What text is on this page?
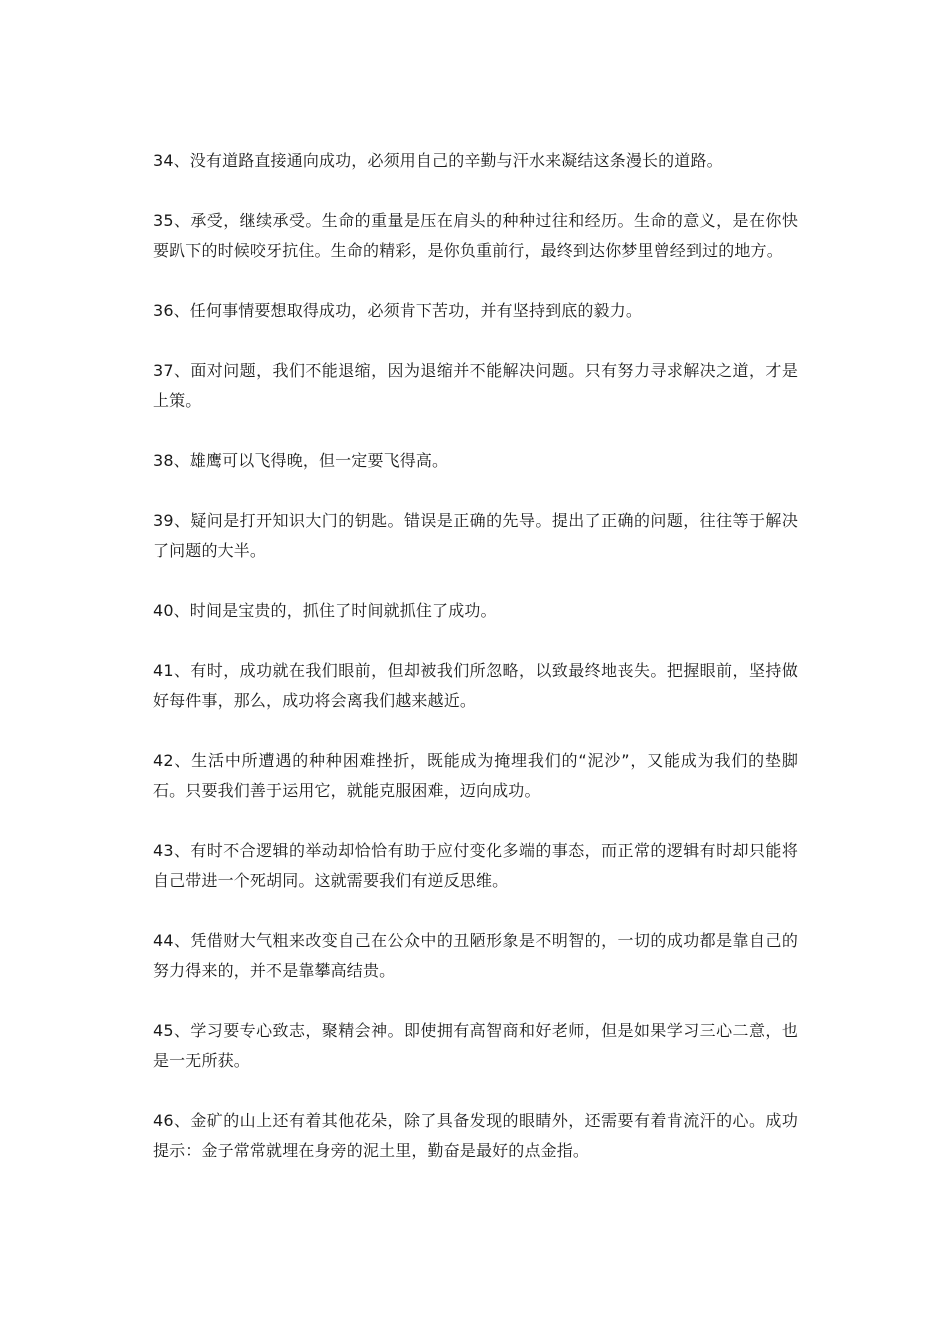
34、没有道路直接通向成功，必须用自己的辛勤与汗水来凝结这条漫长的道路。

35、承受，继续承受。生命的重量是压在肩头的种种过往和经历。生命的意义，是在你快要趴下的时候咬牙抗住。生命的精彩，是你负重前行，最终到达你梦里曾经到过的地方。

36、任何事情要想取得成功，必须肯下苦功，并有坚持到底的毅力。

37、面对问题，我们不能退缩，因为退缩并不能解决问题。只有努力寻求解决之道，才是上策。

38、雄鹰可以飞得晚，但一定要飞得高。

39、疑问是打开知识大门的钥匙。错误是正确的先导。提出了正确的问题，往往等于解决了问题的大半。

40、时间是宝贵的，抓住了时间就抓住了成功。

41、有时，成功就在我们眼前，但却被我们所忽略，以致最终地丧失。把握眼前，坚持做好每件事，那么，成功将会离我们越来越近。

42、生活中所遭遇的种种困难挫折，既能成为掩埋我们的“泥沙”，又能成为我们的垫脚石。只要我们善于运用它，就能克服困难，迈向成功。

43、有时不合逻辑的举动却恰恰有助于应付变化多端的事态，而正常的逻辑有时却只能将自己带进一个死胡同。这就需要我们有逆反思维。

44、凭借财大气粗来改变自己在公众中的丑陋形象是不明智的，一切的成功都是靠自己的努力得来的，并不是靠攀高结贵。

45、学习要专心致志，聚精会神。即使拥有高智商和好老师，但是如果学习三心二意，也是一无所获。

46、金矿的山上还有着其他花朵，除了具备发现的眼睛外，还需要有着肯流汗的心。成功提示：金子常常就埋在身旁的泥土里，勤奋是最好的点金指。
